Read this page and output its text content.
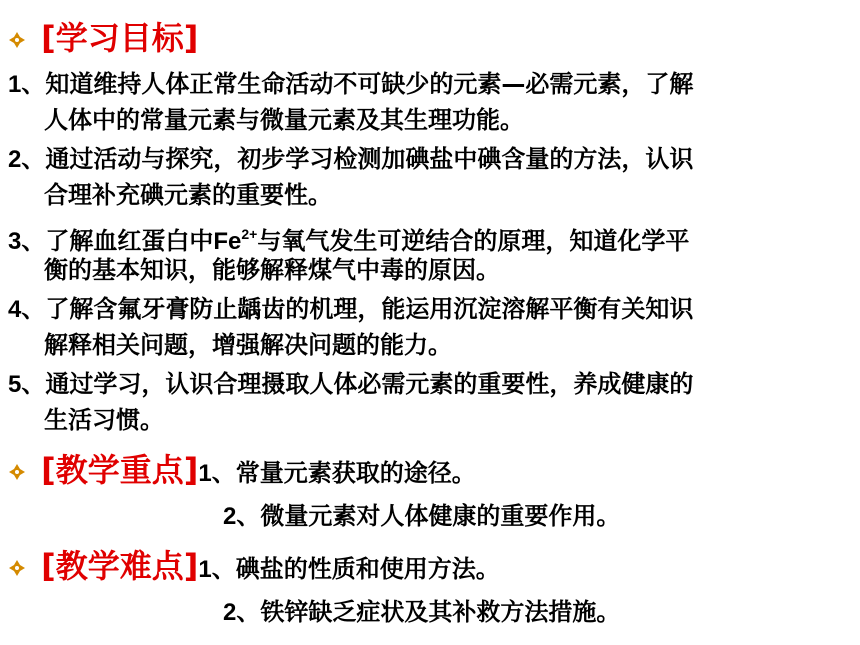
[学习目标]
1、知道维持人体正常生命活动不可缺少的元素—必需元素，了解
人体中的常量元素与微量元素及其生理功能。
2、通过活动与探究，初步学习检测加碘盐中碘含量的方法，认识
合理补充碘元素的重要性。
3、了解血红蛋白中$Fe^{2+}$与氧气发生可逆结合的原理，知道化学平
衡的基本知识，能够解释煤气中毒的原因。
4、了解含氟牙膏防止龋齿的机理，能运用沉淀溶解平衡有关知识
解释相关问题，增强解决问题的能力。
5、通过学习，认识合理摄取人体必需元素的重要性，养成健康的
生活习惯。
[教学重点]1、常量元素获取的途径。
2、微量元素对人体健康的重要作用。
[教学难点]1、碘盐的性质和使用方法。
2、铁锌缺乏症状及其补救方法措施。
